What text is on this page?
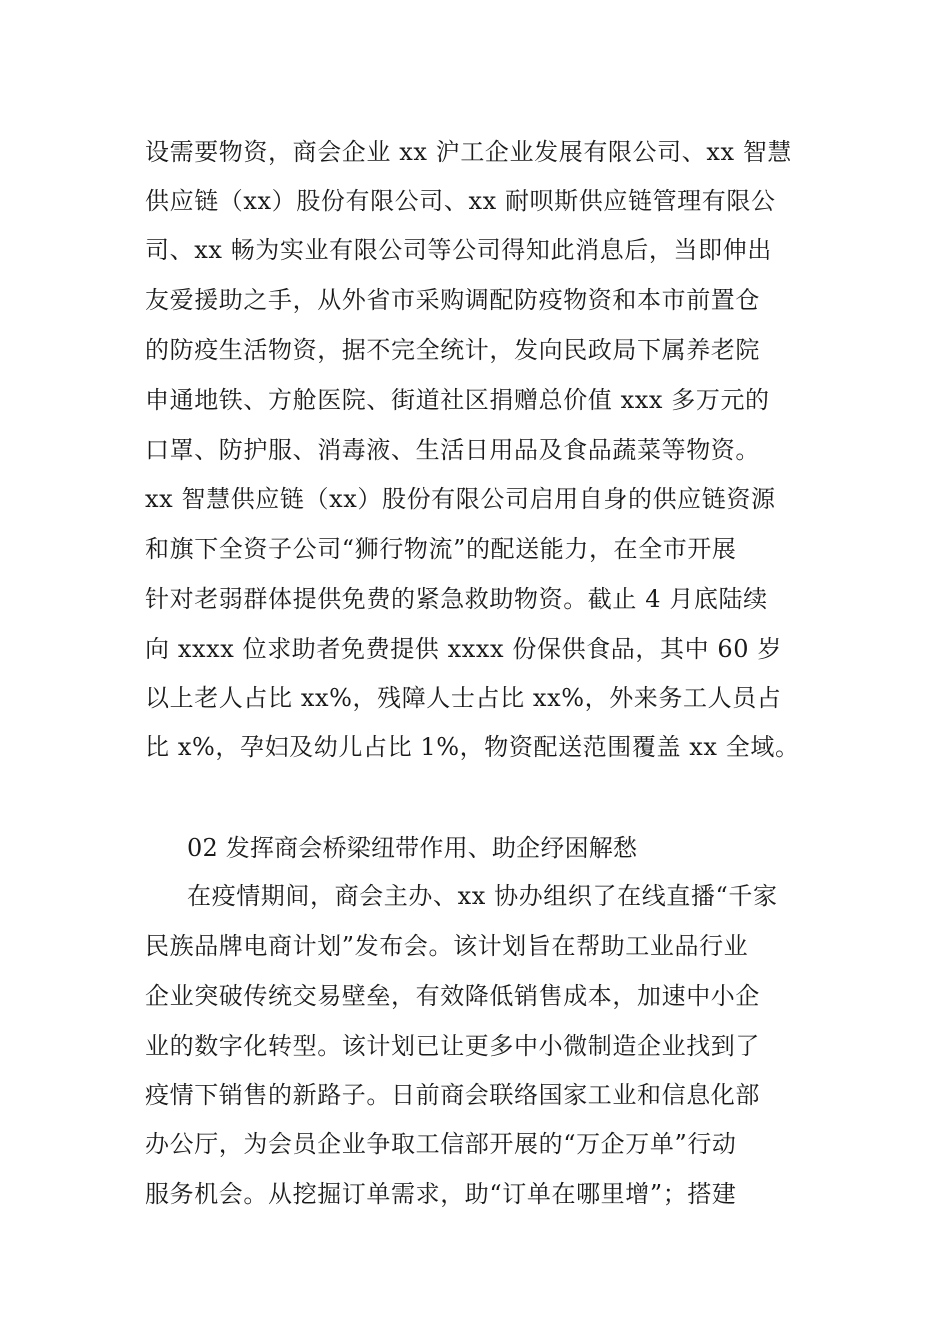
设需要物资，商会企业 xx 沪工企业发展有限公司、xx 智慧
供应链（xx）股份有限公司、xx 耐呗斯供应链管理有限公
司、xx 畅为实业有限公司等公司得知此消息后，当即伸出
友爱援助之手，从外省市采购调配防疫物资和本市前置仓
的防疫生活物资，据不完全统计，发向民政局下属养老院
申通地铁、方舱医院、街道社区捐赠总价值 xxx 多万元的
口罩、防护服、消毒液、生活日用品及食品蔬菜等物资。
xx 智慧供应链（xx）股份有限公司启用自身的供应链资源
和旗下全资子公司“狮行物流”的配送能力，在全市开展
针对老弱群体提供免费的紧急救助物资。截止 4 月底陆续
向 xxxx 位求助者免费提供 xxxx 份保供食品，其中 60 岁
以上老人占比 xx%，残障人士占比 xx%，外来务工人员占
比 x%，孕妇及幼儿占比 1%，物资配送范围覆盖 xx 全域。
02 发挥商会桥梁纽带作用、助企纾困解愁
在疫情期间，商会主办、xx 协办组织了在线直播“千家
民族品牌电商计划”发布会。该计划旨在帮助工业品行业
企业突破传统交易壁垒，有效降低销售成本，加速中小企
业的数字化转型。该计划已让更多中小微制造企业找到了
疫情下销售的新路子。日前商会联络国家工业和信息化部
办公厅，为会员企业争取工信部开展的“万企万单”行动
服务机会。从挖掘订单需求，助“订单在哪里增”；搭建
